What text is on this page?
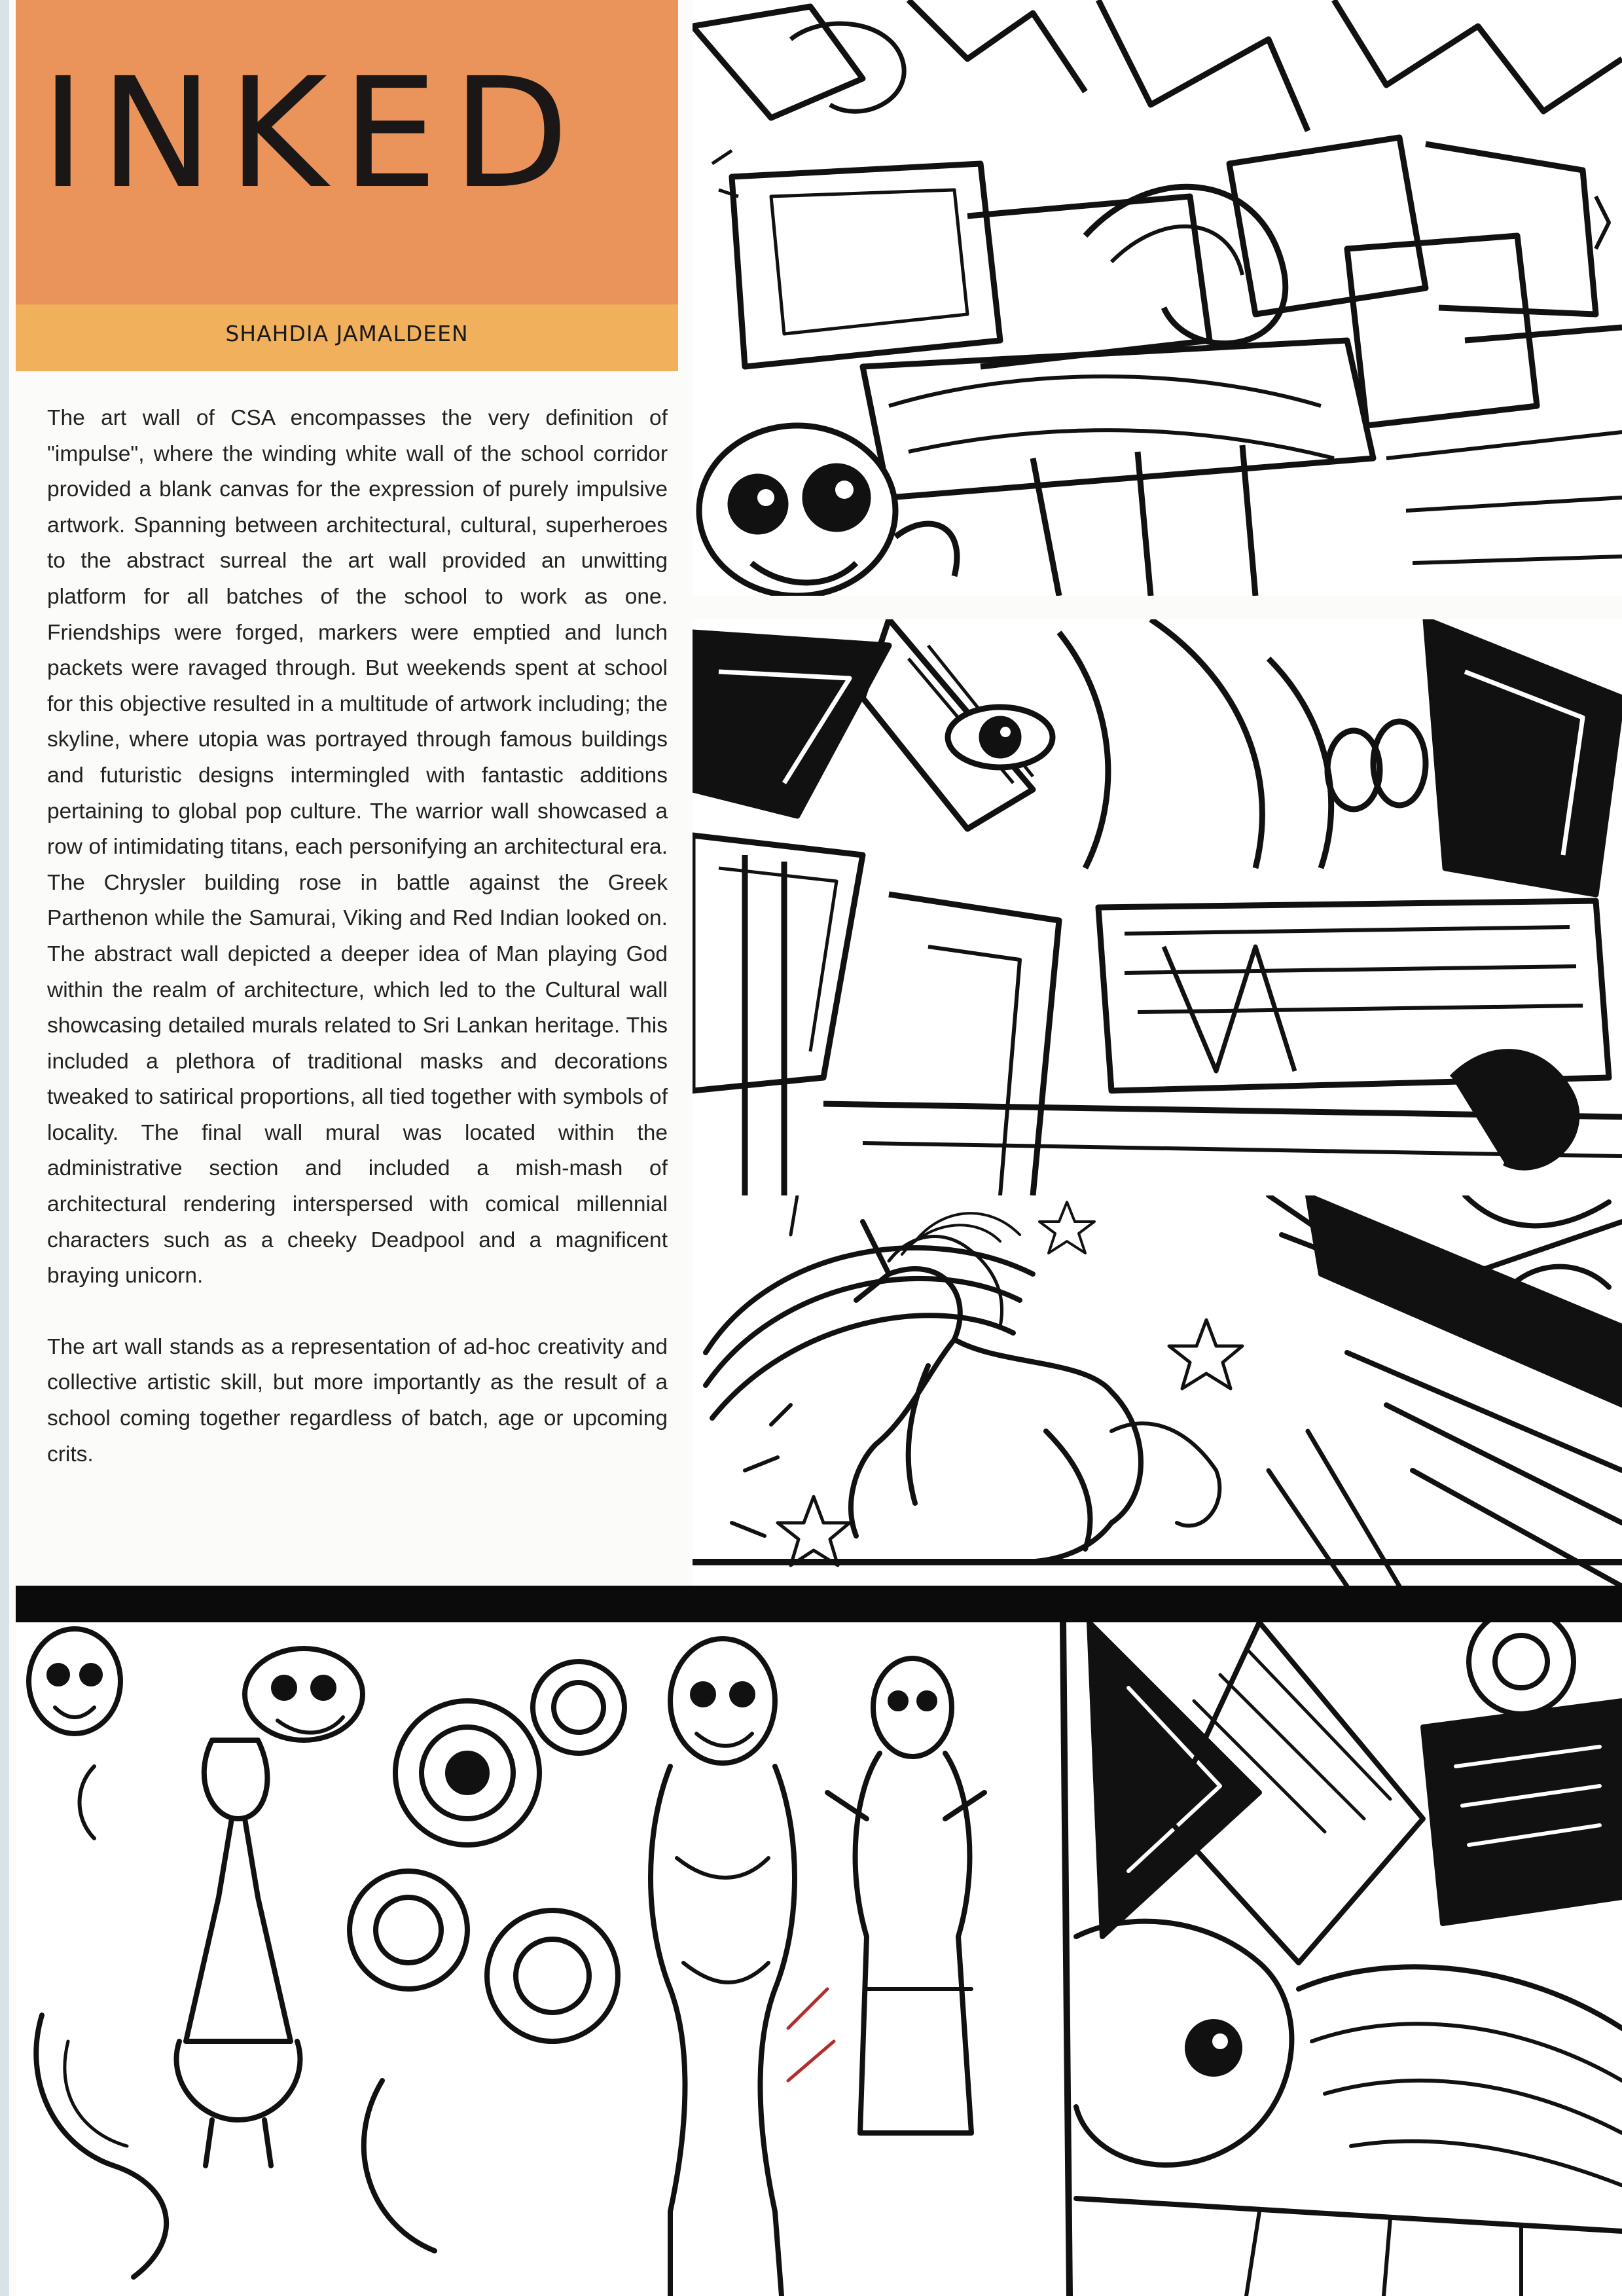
INKED
SHAHDIA JAMALDEEN

The art wall of CSA encompasses the very definition of "impulse", where the winding white wall of the school corridor provided a blank canvas for the expression of purely impulsive artwork. Spanning between architectural, cultural, superheroes to the abstract surreal the art wall provided an unwitting platform for all batches of the school to work as one. Friendships were forged, markers were emptied and lunch packets were ravaged through. But weekends spent at school for this objective resulted in a multitude of artwork including; the skyline, where utopia was portrayed through famous buildings and futuristic designs intermingled with fantastic additions pertaining to global pop culture. The warrior wall showcased a row of intimidating titans, each personifying an architectural era. The Chrysler building rose in battle against the Greek Parthenon while the Samurai, Viking and Red Indian looked on. The abstract wall depicted a deeper idea of Man playing God within the realm of architecture, which led to the Cultural wall showcasing detailed murals related to Sri Lankan heritage. This included a plethora of traditional masks and decorations tweaked to satirical proportions, all tied together with symbols of locality. The final wall mural was located within the administrative section and included a mish-mash of architectural rendering interspersed with comical millennial characters such as a cheeky Deadpool and a magnificent braying unicorn.

The art wall stands as a representation of ad-hoc creativity and collective artistic skill, but more importantly as the result of a school coming together regardless of batch, age or upcoming crits.
